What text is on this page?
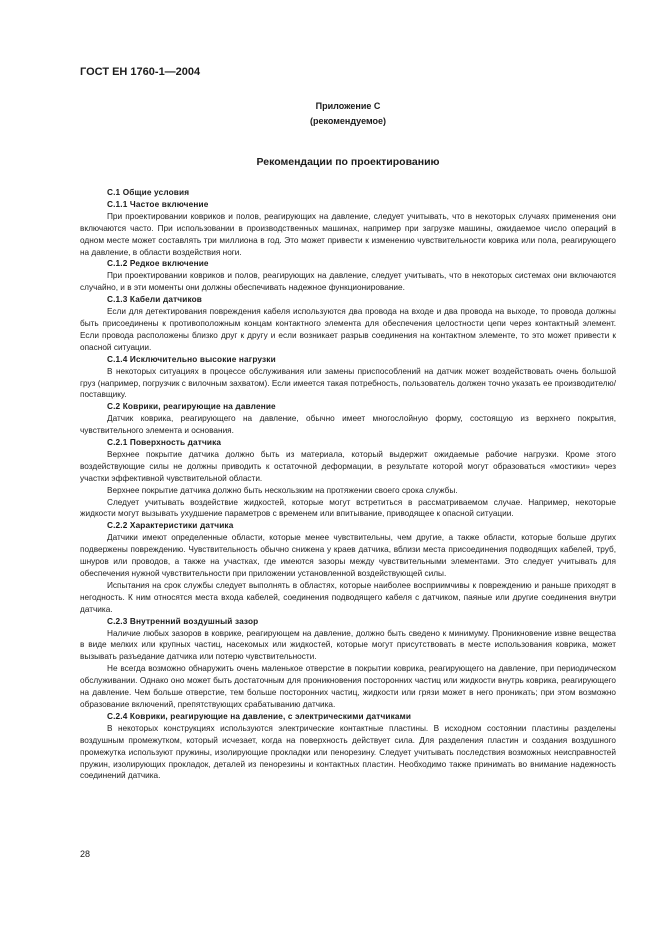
ГОСТ ЕН 1760-1—2004

Приложение С

(рекомендуемое)

Рекомендации по проектированию

С.1 Общие условия

С.1.1 Частое включение

При проектировании ковриков и полов, реагирующих на давление, следует учитывать, что в некоторых случаях применения они включаются часто. При использовании в производственных машинах, например при загрузке машины, ожидаемое число операций в одном месте может составлять три миллиона в год. Это может привести к изменению чувствительности коврика или пола, реагирующего на давление, в области воздействия ноги.

С.1.2 Редкое включение

При проектировании ковриков и полов, реагирующих на давление, следует учитывать, что в некоторых системах они включаются случайно, и в эти моменты они должны обеспечивать надежное функционирование.

С.1.3 Кабели датчиков

Если для детектирования повреждения кабеля используются два провода на входе и два провода на выходе, то провода должны быть присоединены к противоположным концам контактного элемента для обеспечения целостности цепи через контактный элемент. Если провода расположены близко друг к другу и если возникает разрыв соединения на контактном элементе, то это может привести к опасной ситуации.

С.1.4 Исключительно высокие нагрузки

В некоторых ситуациях в процессе обслуживания или замены приспособлений на датчик может воздействовать очень большой груз (например, погрузчик с вилочным захватом). Если имеется такая потребность, пользователь должен точно указать ее производителю/поставщику.

С.2 Коврики, реагирующие на давление

Датчик коврика, реагирующего на давление, обычно имеет многослойную форму, состоящую из верхнего покрытия, чувствительного элемента и основания.

С.2.1 Поверхность датчика

Верхнее покрытие датчика должно быть из материала, который выдержит ожидаемые рабочие нагрузки. Кроме этого воздействующие силы не должны приводить к остаточной деформации, в результате которой могут образоваться «мостики» через участки эффективной чувствительной области.

Верхнее покрытие датчика должно быть нескользким на протяжении своего срока службы.

Следует учитывать воздействие жидкостей, которые могут встретиться в рассматриваемом случае. Например, некоторые жидкости могут вызывать ухудшение параметров с временем или впитывание, приводящее к опасной ситуации.

С.2.2 Характеристики датчика

Датчики имеют определенные области, которые менее чувствительны, чем другие, а также области, которые больше других подвержены повреждению. Чувствительность обычно снижена у краев датчика, вблизи места присоединения подводящих кабелей, труб, шнуров или проводов, а также на участках, где имеются зазоры между чувствительными элементами. Это следует учитывать для обеспечения нужной чувствительности при приложении установленной воздействующей силы.

Испытания на срок службы следует выполнять в областях, которые наиболее восприимчивы к повреждению и раньше приходят в негодность. К ним относятся места входа кабелей, соединения подводящего кабеля с датчиком, паяные или другие соединения внутри датчика.

С.2.3 Внутренний воздушный зазор

Наличие любых зазоров в коврике, реагирующем на давление, должно быть сведено к минимуму. Проникновение извне вещества в виде мелких или крупных частиц, насекомых или жидкостей, которые могут присутствовать в месте использования коврика, может вызывать разъедание датчика или потерю чувствительности.

Не всегда возможно обнаружить очень маленькое отверстие в покрытии коврика, реагирующего на давление, при периодическом обслуживании. Однако оно может быть достаточным для проникновения посторонних частиц или жидкости внутрь коврика, реагирующего на давление. Чем больше отверстие, тем больше посторонних частиц, жидкости или грязи может в него проникать; при этом возможно образование включений, препятствующих срабатыванию датчика.

С.2.4 Коврики, реагирующие на давление, с электрическими датчиками

В некоторых конструкциях используются электрические контактные пластины. В исходном состоянии пластины разделены воздушным промежутком, который исчезает, когда на поверхность действует сила. Для разделения пластин и создания воздушного промежутка используют пружины, изолирующие прокладки или пенорезину. Следует учитывать последствия возможных неисправностей пружин, изолирующих прокладок, деталей из пенорезины и контактных пластин. Необходимо также принимать во внимание надежность соединений датчика.

28
